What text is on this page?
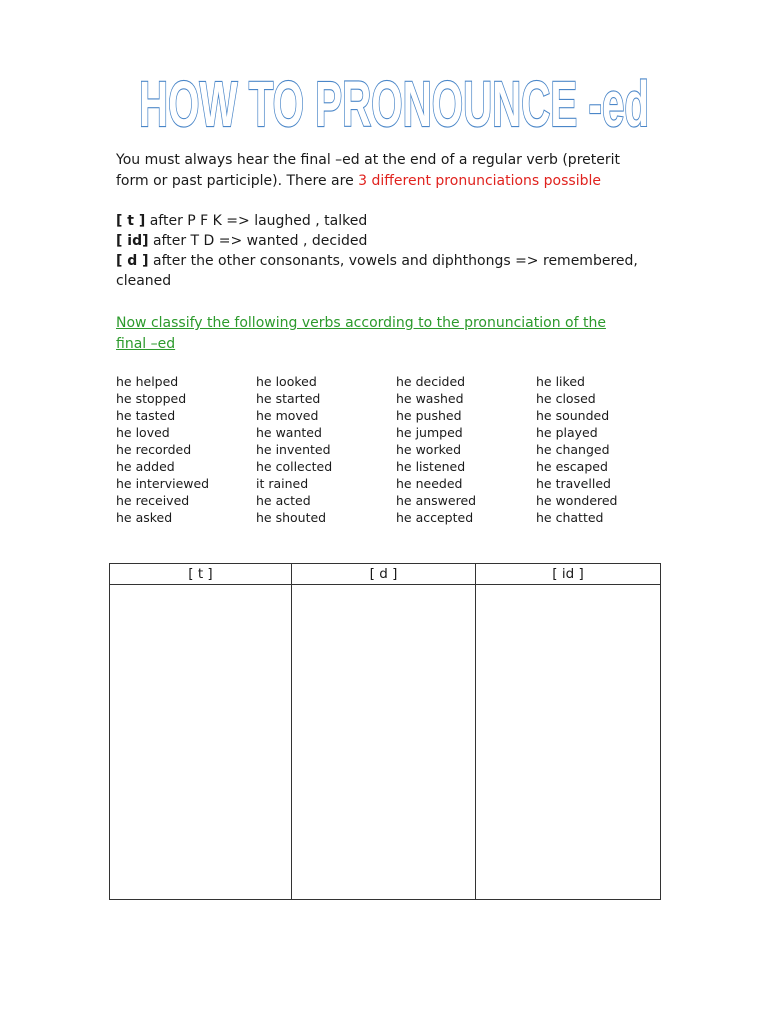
HOW TO PRONOUNCE -ed
You must always hear the final –ed at the end of a regular verb (preterit form or past participle). There are 3 different pronunciations possible
[ t ] after P F K => laughed , talked
[ id] after T D => wanted , decided
[ d ] after the other consonants, vowels and diphthongs => remembered, cleaned
Now classify the following verbs according to the pronunciation of the final –ed
he helped	he looked	he decided	he liked
he stopped	he started	he washed	he closed
he tasted	he moved	he pushed	he sounded
he loved	he wanted	he jumped	he played
he recorded	he invented	he worked	he changed
he added	he collected	he listened	he escaped
he interviewed	it rained	he needed	he travelled
he received	he acted	he answered	he wondered
he asked	he shouted	he accepted	he chatted
[ t ]	[ d ]	[ id ]
